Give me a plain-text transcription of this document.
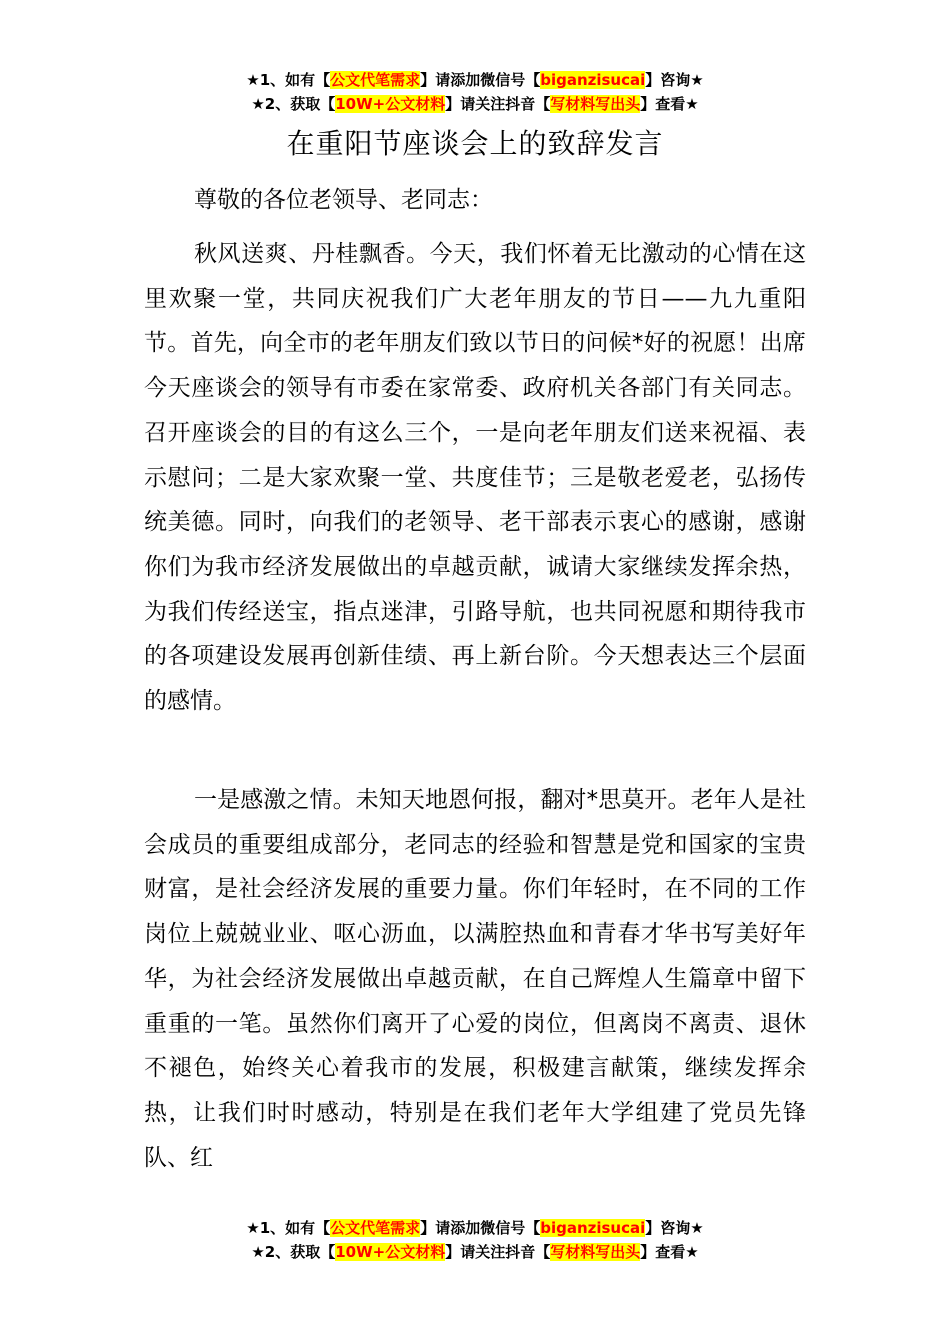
★1、如有【公文代笔需求】请添加微信号【biganzisucai】咨询★
★2、获取【10W+公文材料】请关注抖音【写材料写出头】查看★
在重阳节座谈会上的致辞发言

尊敬的各位老领导、老同志：

秋风送爽、丹桂飘香。今天，我们怀着无比激动的心情在这里欢聚一堂，共同庆祝我们广大老年朋友的节日——九九重阳节。首先，向全市的老年朋友们致以节日的问候*好的祝愿！出席今天座谈会的领导有市委在家常委、政府机关各部门有关同志。召开座谈会的目的有这么三个，一是向老年朋友们送来祝福、表示慰问；二是大家欢聚一堂、共度佳节；三是敬老爱老，弘扬传统美德。同时，向我们的老领导、老干部表示衷心的感谢，感谢你们为我市经济发展做出的卓越贡献，诚请大家继续发挥余热，为我们传经送宝，指点迷津，引路导航，也共同祝愿和期待我市的各项建设发展再创新佳绩、再上新台阶。今天想表达三个层面的感情。

一是感激之情。未知天地恩何报，翻对*思莫开。老年人是社会成员的重要组成部分，老同志的经验和智慧是党和国家的宝贵财富，是社会经济发展的重要力量。你们年轻时，在不同的工作岗位上兢兢业业、呕心沥血，以满腔热血和青春才华书写美好年华，为社会经济发展做出卓越贡献，在自己辉煌人生篇章中留下重重的一笔。虽然你们离开了心爱的岗位，但离岗不离责、退休不褪色，始终关心着我市的发展，积极建言献策，继续发挥余热，让我们时时感动，特别是在我们老年大学组建了党员先锋队、红

★1、如有【公文代笔需求】请添加微信号【biganzisucai】咨询★
★2、获取【10W+公文材料】请关注抖音【写材料写出头】查看★
